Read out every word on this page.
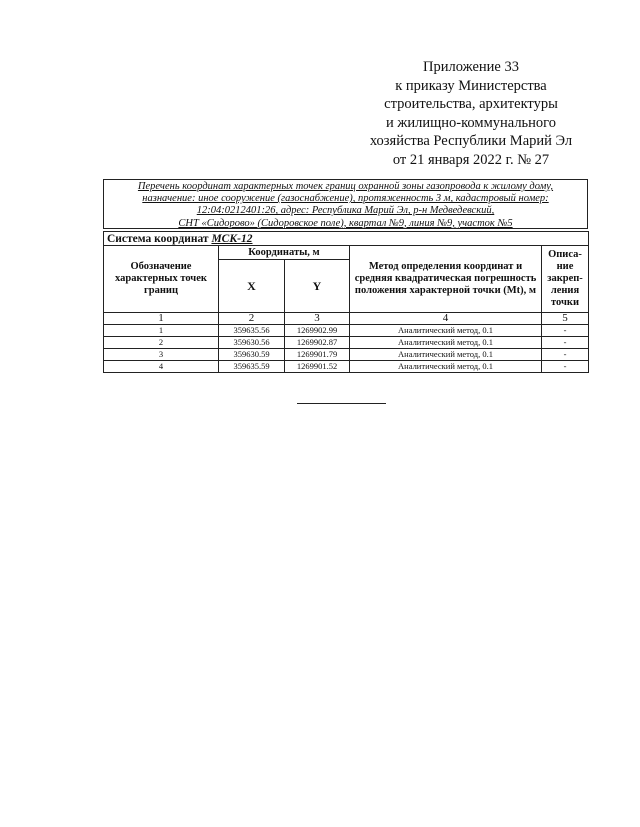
Приложение 33
к приказу Министерства
строительства, архитектуры
и жилищно-коммунального
хозяйства Республики Марий Эл
от 21 января 2022 г. № 27
Перечень координат характерных точек границ охранной зоны газопровода к жилому дому,
назначение: иное сооружение (газоснабжение), протяженность 3 м, кадастровый номер:
12:04:0212401:26, адрес: Республика Марий Эл, р-н Медведевский,
СНТ «Сидорово» (Сидоровское поле), квартал №9, линия №9, участок №5
Система координат МСК-12				
Обозначение характерных точек границ	Координаты, м		Метод определения координат и средняя квадратическая погрешность положения характерной точки (Mt), м	Описа-ние закреп-ления точки
	X	Y		
1	2	3	4	5
1	359635.56	1269902.99	Аналитический метод, 0.1	-
2	359630.56	1269902.87	Аналитический метод, 0.1	-
3	359630.59	1269901.79	Аналитический метод, 0.1	-
4	359635.59	1269901.52	Аналитический метод, 0.1	-
